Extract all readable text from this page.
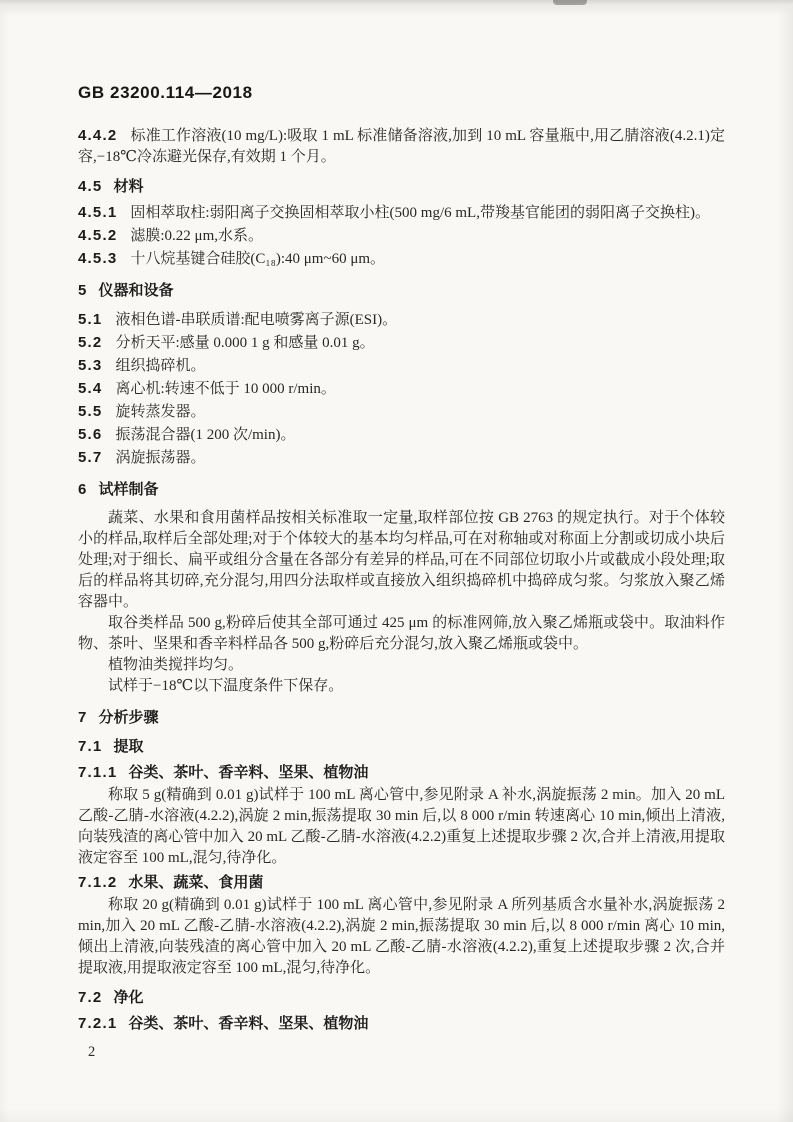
GB 23200.114—2018

4.4.2 标准工作溶液(10 mg/L):吸取 1 mL 标准储备溶液,加到 10 mL 容量瓶中,用乙腈溶液(4.2.1)定容,−18℃冷冻避光保存,有效期 1 个月。

4.5 材料

4.5.1 固相萃取柱:弱阳离子交换固相萃取小柱(500 mg/6 mL,带羧基官能团的弱阳离子交换柱)。

4.5.2 滤膜:0.22 μm,水系。

4.5.3 十八烷基键合硅胶(C₁₈):40 μm~60 μm。

5 仪器和设备

5.1 液相色谱-串联质谱:配电喷雾离子源(ESI)。

5.2 分析天平:感量 0.000 1 g 和感量 0.01 g。

5.3 组织捣碎机。

5.4 离心机:转速不低于 10 000 r/min。

5.5 旋转蒸发器。

5.6 振荡混合器(1 200 次/min)。

5.7 涡旋振荡器。

6 试样制备

蔬菜、水果和食用菌样品按相关标准取一定量,取样部位按 GB 2763 的规定执行。对于个体较小的样品,取样后全部处理;对于个体较大的基本均匀样品,可在对称轴或对称面上分割或切成小块后处理;对于细长、扁平或组分含量在各部分有差异的样品,可在不同部位切取小片或截成小段处理;取后的样品将其切碎,充分混匀,用四分法取样或直接放入组织捣碎机中捣碎成匀浆。匀浆放入聚乙烯容器中。

取谷类样品 500 g,粉碎后使其全部可通过 425 μm 的标准网筛,放入聚乙烯瓶或袋中。取油料作物、茶叶、坚果和香辛料样品各 500 g,粉碎后充分混匀,放入聚乙烯瓶或袋中。

植物油类搅拌均匀。

试样于−18℃以下温度条件下保存。

7 分析步骤

7.1 提取

7.1.1 谷类、茶叶、香辛料、坚果、植物油

称取 5 g(精确到 0.01 g)试样于 100 mL 离心管中,参见附录 A 补水,涡旋振荡 2 min。加入 20 mL 乙酸-乙腈-水溶液(4.2.2),涡旋 2 min,振荡提取 30 min 后,以 8 000 r/min 转速离心 10 min,倾出上清液,向装残渣的离心管中加入 20 mL 乙酸-乙腈-水溶液(4.2.2)重复上述提取步骤 2 次,合并上清液,用提取液定容至 100 mL,混匀,待净化。

7.1.2 水果、蔬菜、食用菌

称取 20 g(精确到 0.01 g)试样于 100 mL 离心管中,参见附录 A 所列基质含水量补水,涡旋振荡 2 min,加入 20 mL 乙酸-乙腈-水溶液(4.2.2),涡旋 2 min,振荡提取 30 min 后,以 8 000 r/min 离心 10 min,倾出上清液,向装残渣的离心管中加入 20 mL 乙酸-乙腈-水溶液(4.2.2),重复上述提取步骤 2 次,合并提取液,用提取液定容至 100 mL,混匀,待净化。

7.2 净化

7.2.1 谷类、茶叶、香辛料、坚果、植物油

2
